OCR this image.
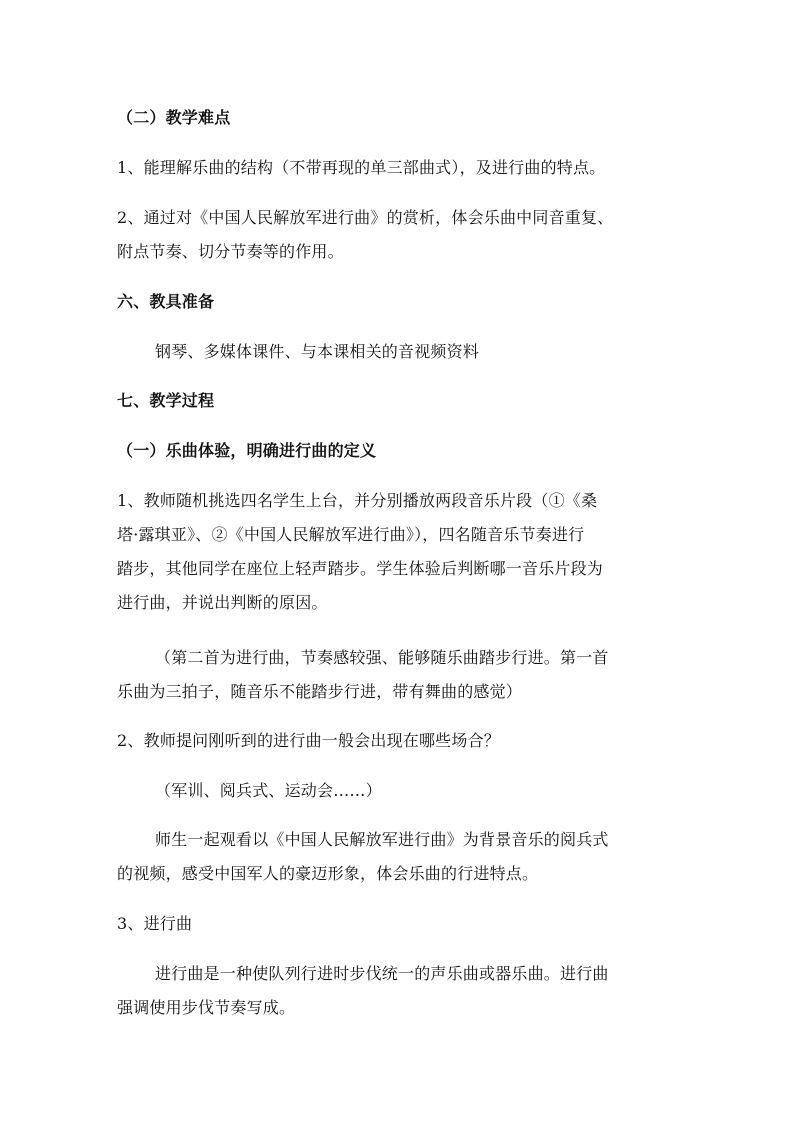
（二）教学难点
1、能理解乐曲的结构（不带再现的单三部曲式），及进行曲的特点。
2、通过对《中国人民解放军进行曲》的赏析，体会乐曲中同音重复、
附点节奏、切分节奏等的作用。
六、教具准备
钢琴、多媒体课件、与本课相关的音视频资料
七、教学过程
（一）乐曲体验，明确进行曲的定义
1、教师随机挑选四名学生上台，并分别播放两段音乐片段（①《桑
塔·露琪亚》、②《中国人民解放军进行曲》），四名随音乐节奏进行
踏步，其他同学在座位上轻声踏步。学生体验后判断哪一音乐片段为
进行曲，并说出判断的原因。
（第二首为进行曲，节奏感较强、能够随乐曲踏步行进。第一首
乐曲为三拍子，随音乐不能踏步行进，带有舞曲的感觉）
2、教师提问刚听到的进行曲一般会出现在哪些场合？
（军训、阅兵式、运动会……）
师生一起观看以《中国人民解放军进行曲》为背景音乐的阅兵式
的视频，感受中国军人的豪迈形象，体会乐曲的行进特点。
3、进行曲
进行曲是一种使队列行进时步伐统一的声乐曲或器乐曲。进行曲
强调使用步伐节奏写成。
